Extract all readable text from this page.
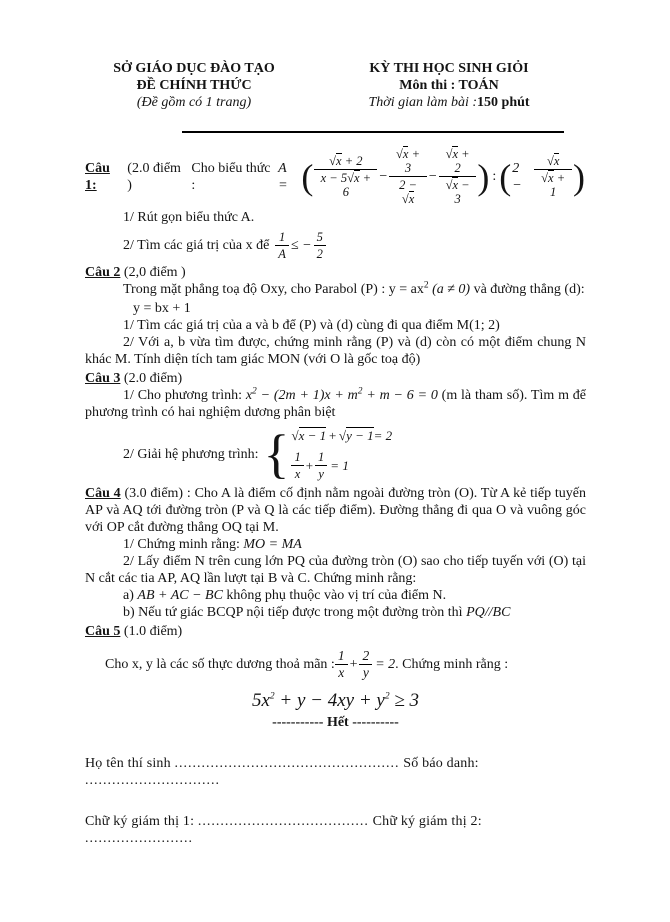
SỞ GIÁO DỤC ĐÀO TẠO
ĐỀ CHÍNH THỨC
(Đề gồm có 1 trang)
KỲ THI HỌC SINH GIỎI
Môn thi : TOÁN
Thời gian làm bài :150 phút
Câu 1:
(2.0 điểm )
Cho biểu thức :
A = ( $\frac{√x + 2}{x - 5√x + 6} - \frac{√x + 3}{2 - √x} - \frac{√x + 2}{√x - 3}$ ) : ( 2 −	$\frac{√x}{√x + 1}$ )

1/ Rút gọn biểu thức A.

2/ Tìm các giá trị của x để $\frac{1}{A}$ ≤ − $\frac{5}{2}$

Câu 2 (2,0 điểm )

Trong mặt phẳng toạ độ Oxy, cho Parabol (P) : $y = ax^2$ (a ≠ 0) và đường thẳng (d):

y = bx + 1

1/ Tìm các giá trị của a và b để (P) và (d) cùng đi qua điểm M(1; 2)

2/ Với a, b vừa tìm được, chứng minh rằng (P) và (d) còn có một điểm chung N khác M. Tính diện tích tam giác MON (với O là gốc toạ độ)

Câu 3 (2.0 điểm)

1/ Cho phương trình: $x^2 - (2m + 1)x + m^2 + m - 6 = 0$ (m là tham số). Tìm m để phương trình có hai nghiệm dương phân biệt

2/ Giải hệ phương trình: { √x − 1 + √y − 1 = 2
$\frac{1}{x} + \frac{1}{y} = 1$

Câu 4 (3.0 điểm) : Cho A là điểm cố định nằm ngoài đường tròn (O). Từ A kẻ tiếp tuyến AP và AQ tới đường tròn (P và Q là các tiếp điểm). Đường thẳng đi qua O và vuông góc với OP cắt đường thẳng OQ tại M.

1/ Chứng minh rằng: MO = MA

2/ Lấy điểm N trên cung lớn PQ của đường tròn (O) sao cho tiếp tuyến với (O) tại N cắt các tia AP, AQ lần lượt tại B và C. Chứng minh rằng:

a) AB + AC − BC không phụ thuộc vào vị trí của điểm N.

b) Nếu tứ giác BCQP nội tiếp được trong một đường tròn thì PQ//BC

Câu 5 (1.0 điểm)

Cho x, y là các số thực dương thoả mãn : $\frac{1}{x} + \frac{2}{y} = 2$ . Chứng minh rằng :
$5x^2 + y - 4xy + y^2 \ge 3$
----------- Hết ----------

Họ tên thí sinh .................................................. Số báo danh: ..............................

Chữ ký giám thị 1: ...................................... Chữ ký giám thị 2: ........................
